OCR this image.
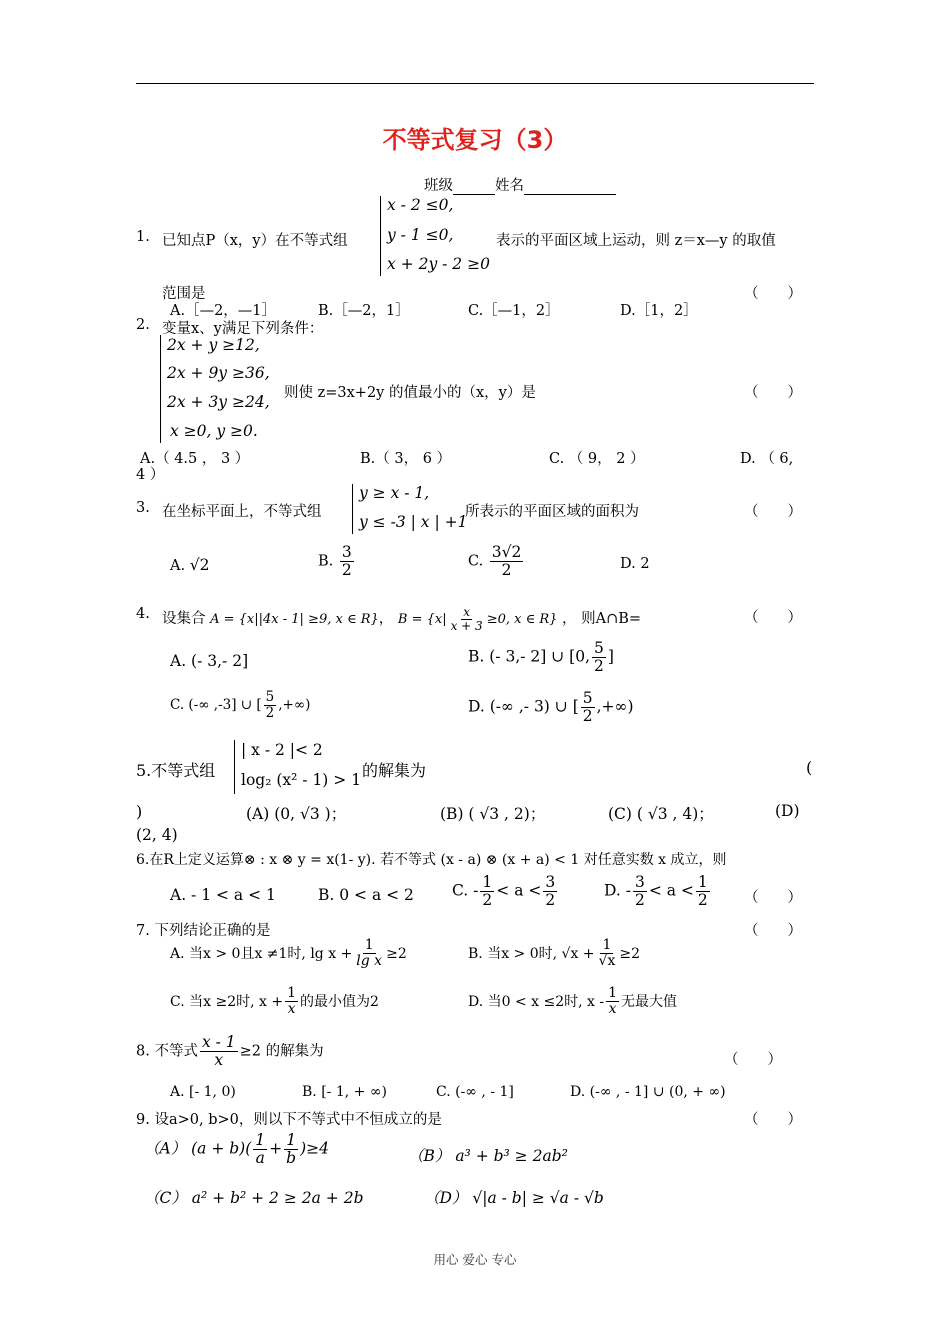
不等式复习（3）
班级	姓名
1. 已知点P（x，y）在不等式组
x - 2 ≤0,
y - 1 ≤0,
x + 2y - 2 ≥0
表示的平面区域上运动，则 z＝x—y 的取值
范围是	（　　）
A.［—2，—1］	B.［—2，1］	C.［—1，2］	D.［1，2］
2. 变量x、y满足下列条件：
2x + y ≥12,
2x + 9y ≥36,
2x + 3y ≥24,
x ≥0, y ≥0.
则使 z=3x+2y 的值最小的（x，y）是	（　　）
A.（ 4.5 ， 3 ）	B.（ 3， 6 ）	C. （ 9， 2 ）	D. （ 6,
4 ）
3. 在坐标平面上，不等式组
y ≥ x - 1,
y ≤ -3 | x | +1
所表示的平面区域的面积为	（　　）
A. √2	B. $\frac{3}{2}$	C. $\frac{3√2}{2}$	D. 2
4. 设集合 A = {x||4x - 1| ≥9, x ∈ R}， $B = \{x| \frac{x}{x + 3} \ge 0$, x ∈ R} ， 则A∩B=	（　　）
A. (- 3,- 2]	B. (- 3,- 2] ∪ [0, $\frac{5}{2}$ ]
C. (-∞ ,-3] ∪ [ $\frac{5}{2}$ ,+∞)	D. (-∞ ,- 3) ∪ [ $\frac{5}{2}$ ,+∞)
5.不等式组
| x - 2 |< 2
log₂ (x² - 1) > 1 的解集为	(
)	(A) (0, √3 )；	(B) ( √3 , 2)；	(C) ( √3 , 4)；	(D)
(2, 4)
6.在R上定义运算⊗ : x ⊗ y = x(1- y). 若不等式 (x - a) ⊗ (x + a) < 1 对任意实数 x 成立，则
A. - 1 < a < 1	B. 0 < a < 2 C. - $\frac{1}{2} < a < \frac{3}{2}$	D. - $\frac{3}{2} < a < \frac{1}{2}$ （　　）
7. 下列结论正确的是	（　　）
A. 当x > 0且x ≠1时, $\lg x + \frac{1}{\text{lg x}} \ge 2$	B. 当x > 0时, $√x + \frac{1}{√x} \ge 2$
C. 当x ≥2时, $x + \frac{1}{x}$ 的最小值为2	D. 当0 < x ≤2时, x - $\frac{1}{x}$ 无最大值
8. 不等式 $\frac{x - 1}{x} \ge 2$ 的解集为
（　　）
A. [- 1, 0)	B. [- 1, + ∞)	C. (-∞ , - 1]	D. (-∞ , - 1] ∪ (0, + ∞)
9. 设a>0, b>0，则以下不等式中不恒成立的是	（　　）
（A） $(a + b)( \frac{1}{a} + \frac{1}{b} )\ge 4$	（B） a³ + b³ ≥ 2ab²
（C） a² + b² + 2 ≥ 2a + 2b	（D） √|a - b| ≥ √a - √b
用心 爱心 专心
